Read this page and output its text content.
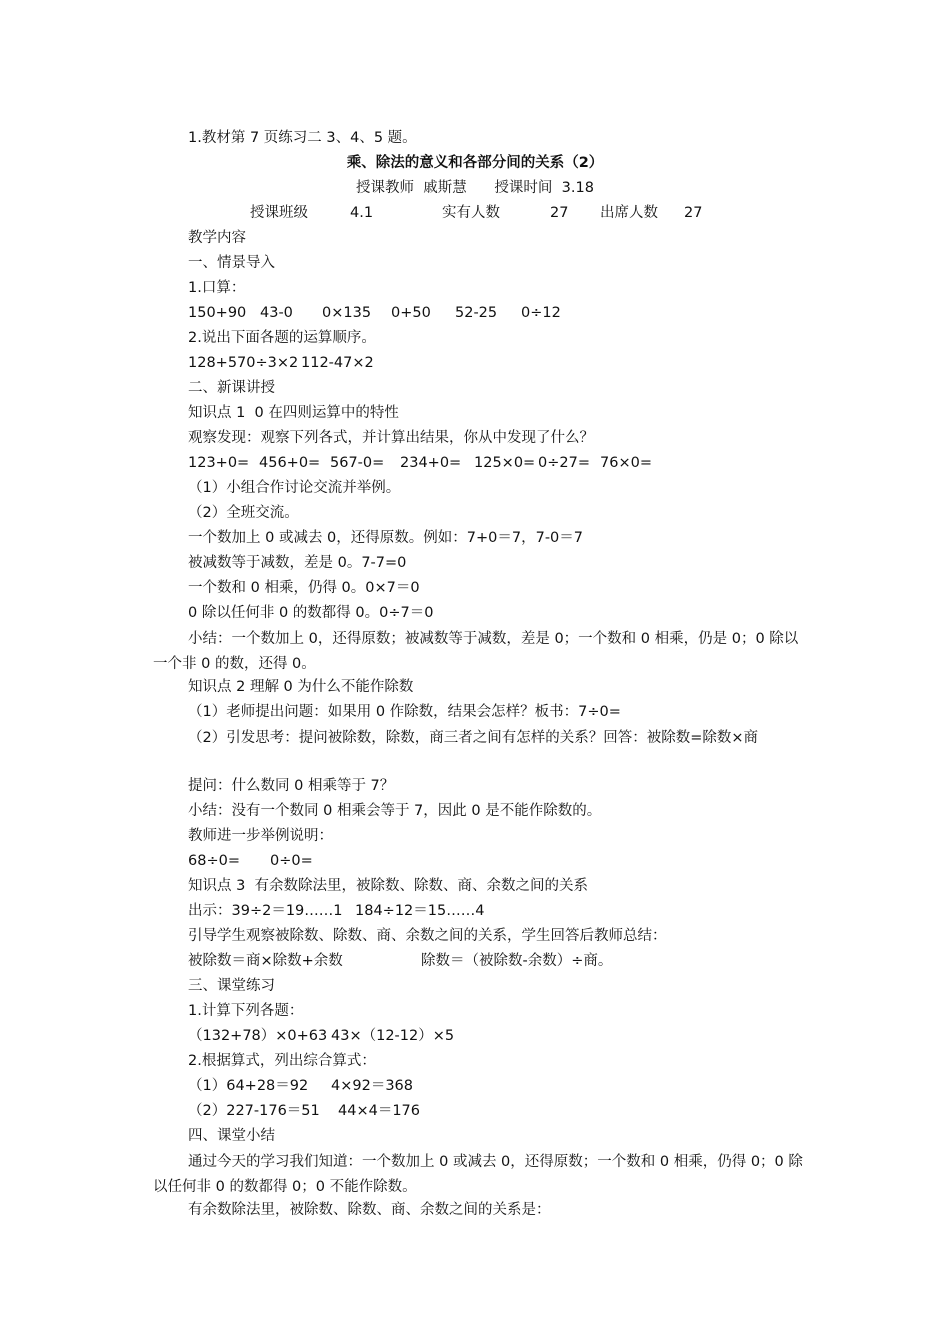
1.教材第 7 页练习二 3、4、5 题。

乘、除法的意义和各部分间的关系（2）

授课教师  戚斯慧      授课时间  3.18

授课班级	4.1	实有人数	27	出席人数	27

教学内容

一、情景导入

1.口算：

150+90 43-0	0×135	0+50	52-25	0÷12

2.说出下面各题的运算顺序。

128+570÷3×2 112-47×2

二、新课讲授

知识点 1  0 在四则运算中的特性

观察发现：观察下列各式，并计算出结果，你从中发现了什么？

123+0= 456+0= 567-0=	234+0= 125×0= 0÷27= 76×0=

（1）小组合作讨论交流并举例。

（2）全班交流。

一个数加上 0 或减去 0，还得原数。例如：7+0＝7，7-0＝7

被减数等于减数，差是 0。7-7=0

一个数和 0 相乘，仍得 0。0×7＝0

0 除以任何非 0 的数都得 0。0÷7＝0

小结：一个数加上 0，还得原数；被减数等于减数，差是 0；一个数和 0 相乘，仍是 0；0 除以一个非 0 的数，还得 0。

知识点 2 理解 0 为什么不能作除数

（1）老师提出问题：如果用 0 作除数，结果会怎样？板书：7÷0=

（2）引发思考：提问被除数，除数，商三者之间有怎样的关系？回答：被除数=除数×商

提问：什么数同 0 相乘等于 7？

小结：没有一个数同 0 相乘会等于 7，因此 0 是不能作除数的。

教师进一步举例说明：

68÷0=	0÷0=

知识点 3  有余数除法里，被除数、除数、商、余数之间的关系

出示：39÷2＝19……1 184÷12＝15……4

引导学生观察被除数、除数、商、余数之间的关系，学生回答后教师总结：

被除数＝商×除数+余数	除数＝（被除数-余数）÷商。

三、课堂练习

1.计算下列各题：

（132+78）×0+63 43×（12-12）×5

2.根据算式，列出综合算式：

（1）64+28＝92	4×92＝368
（2）227-176＝51	44×4＝176

四、课堂小结

通过今天的学习我们知道：一个数加上 0 或减去 0，还得原数；一个数和 0 相乘，仍得 0；0 除以任何非 0 的数都得 0；0 不能作除数。

有余数除法里，被除数、除数、商、余数之间的关系是：
